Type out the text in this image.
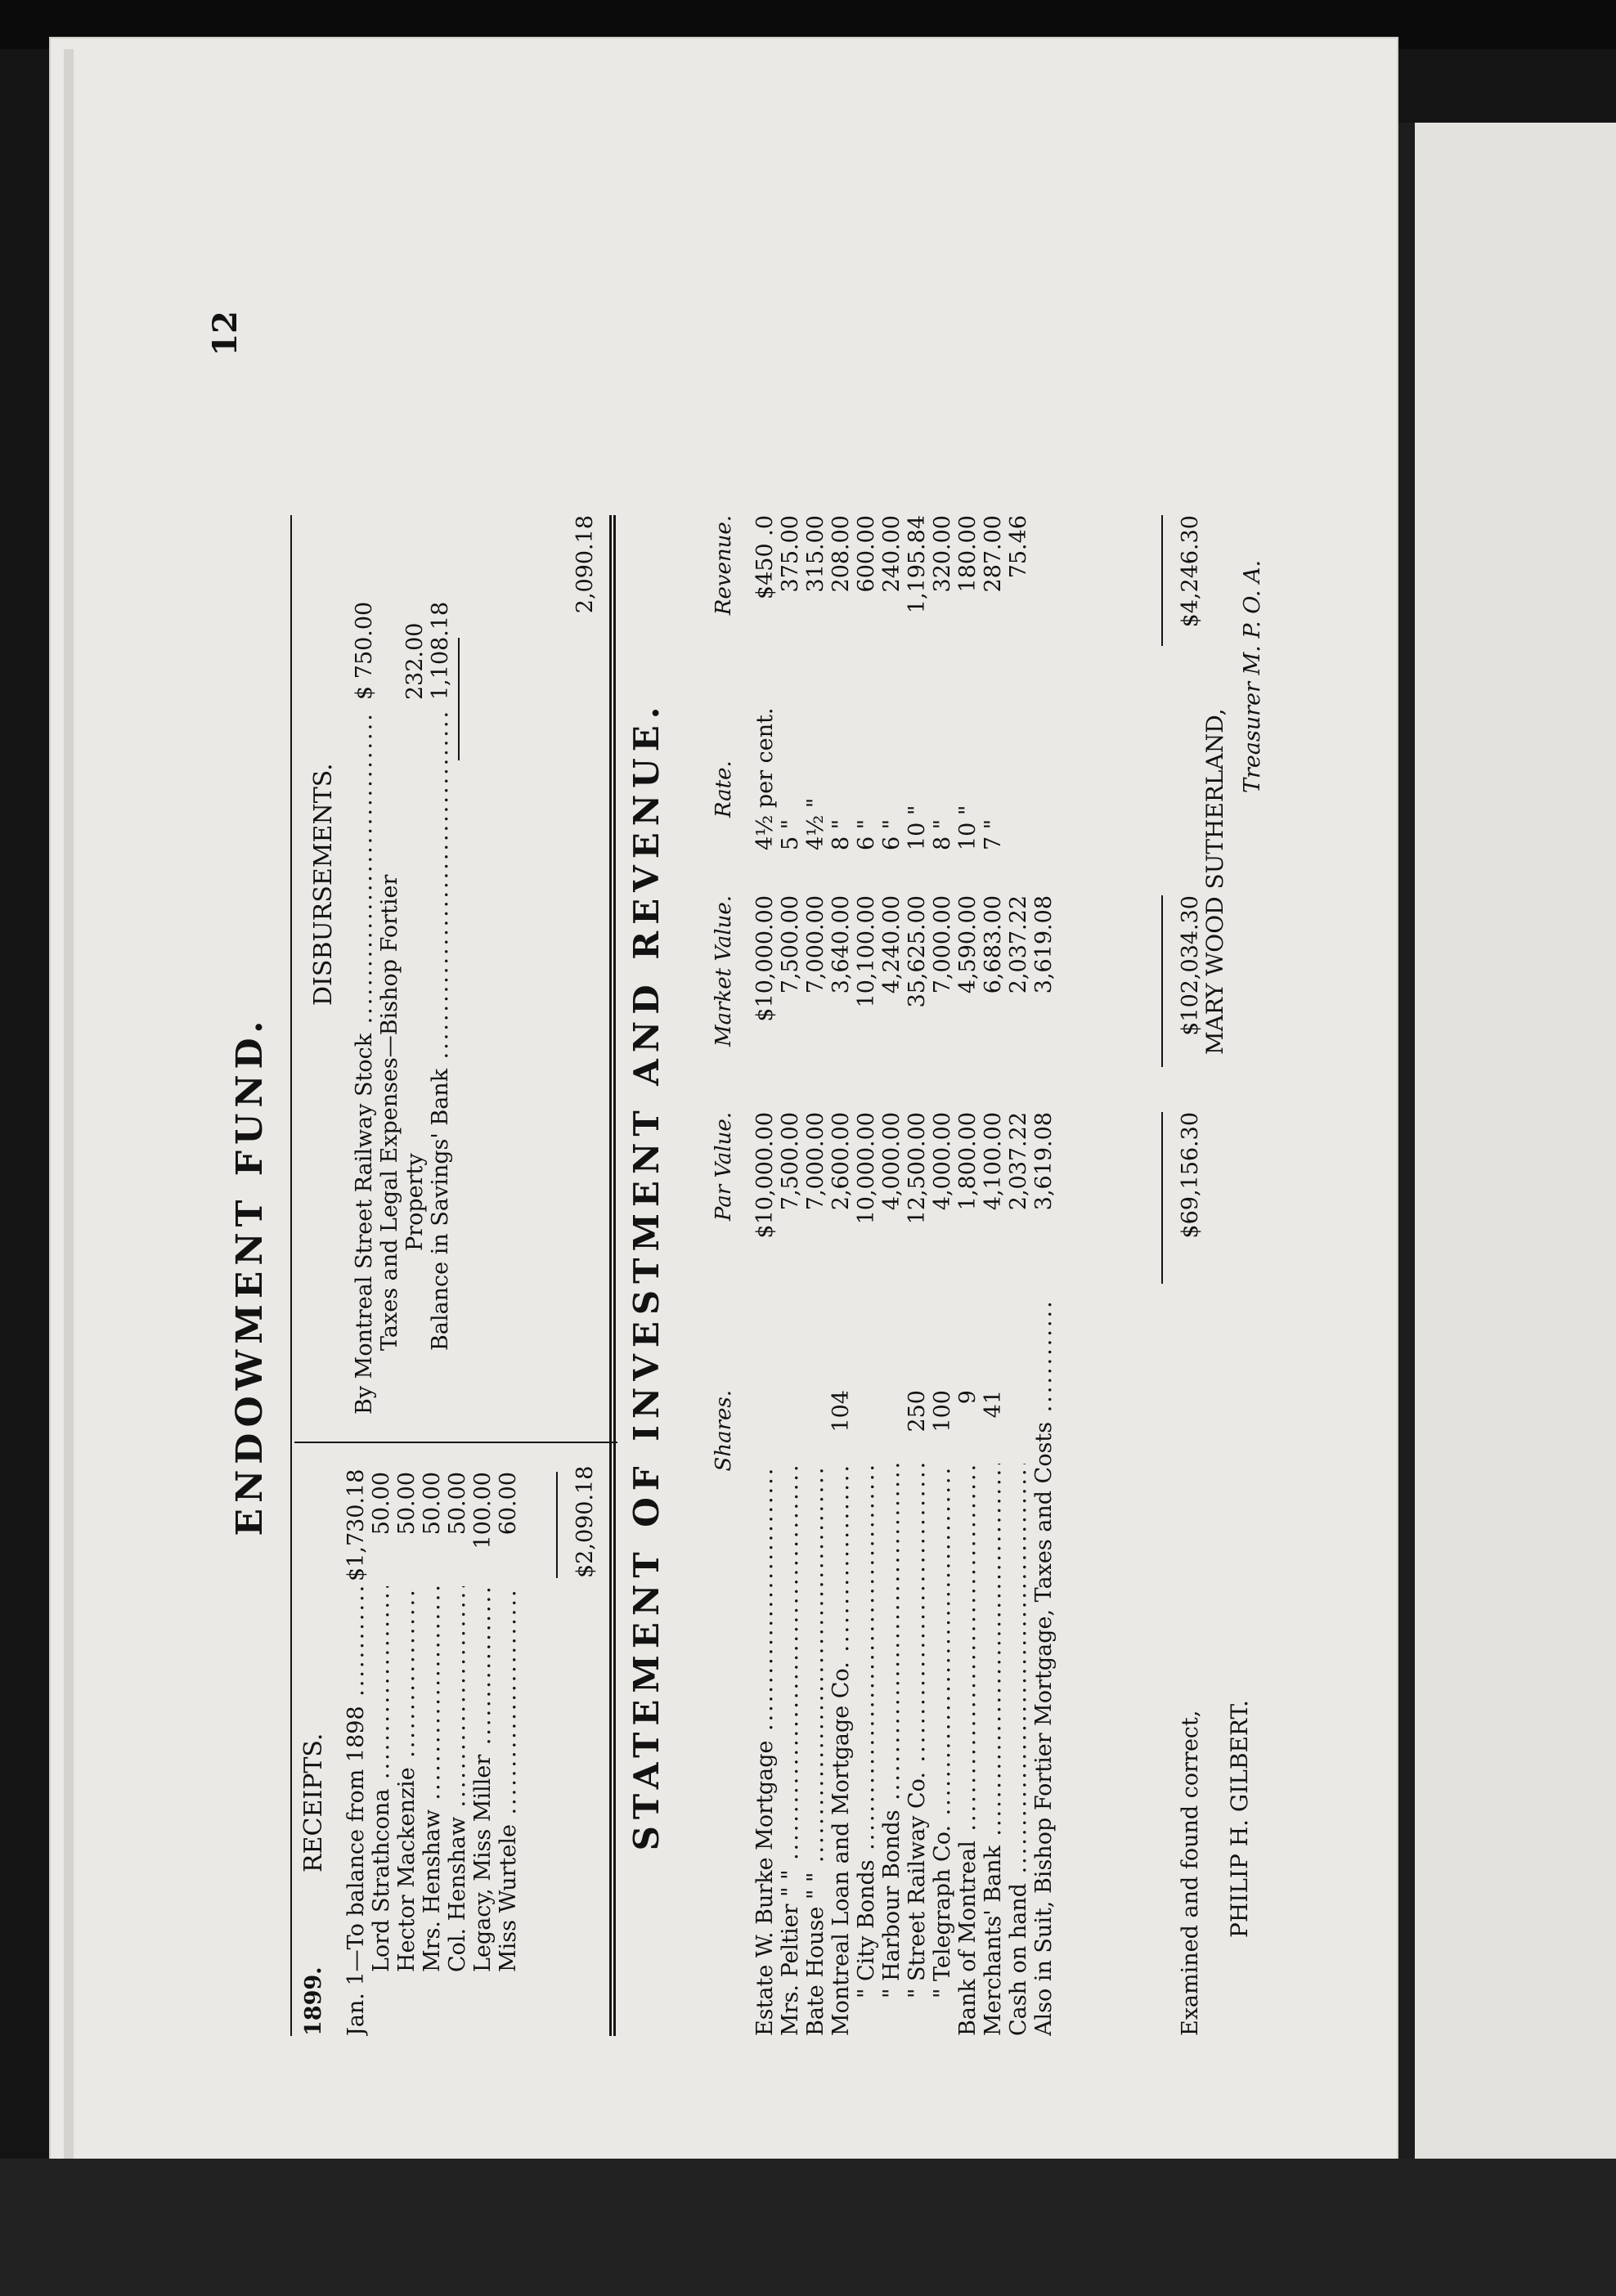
12
ENDOWMENT FUND.
1899.
RECEIPTS.
DISBURSEMENTS.
Jan. 1—To balance from 1898 .....
$1,730.18
Lord Strathcona .....
50.00
Hector Mackenzie .....
50.00
Mrs. Henshaw .....
50.00
Col. Henshaw .....
50.00
Legacy, Miss Miller .....
100.00
Miss Wurtele .....
60.00 $2,090.18
By Montreal Street Railway Stock .....
$ 750.00
Taxes and Legal Expenses—Bishop Fortier Property
232.00
Balance in Savings' Bank .....
1,108.18
2,090.18
STATEMENT OF INVESTMENT AND REVENUE. Shares.
Par Value.
Market Value.
Rate.
Revenue.
Estate W. Burke Mortgage .....
$10,000.00
$10,000.00
4½ per cent.
$450 .0
Mrs. Peltier " " .....
7,500.00
7,500.00
5 "
375.00
Bate House " " .....
7,000.00
7,000.00
4½ "
315.00
Montreal Loan and Mortgage Co. .....
104
2,600.00
3,640.00
8 "
208.00
" City Bonds .....
10,000.00
10,100.00
6 "
600.00
" Harbour Bonds .....
4,000.00
4,240.00
6 "
240.00
" Street Railway Co. .....
250
12,500.00
35,625.00
10 "
1,195.84
" Telegraph Co. .....
100
4,000.00
7,000.00
8 "
320.00
Bank of Montreal .....
9
1,800.00
4,590.00
10 "
180.00
Merchants' Bank .....
41
4,100.00
6,683.00
7 "
287.00
Cash on hand .....
2,037.22
2,037.22
75.46
Also in Suit, Bishop Fortier Mortgage, Taxes and Costs .....
3,619.08
3,619.08
Examined and found correct,
$69,156.30
$102,034.30
$4,246.30
PHILIP H. GILBERT.
MARY WOOD SUTHERLAND,
Treasurer M. P. O. A.
